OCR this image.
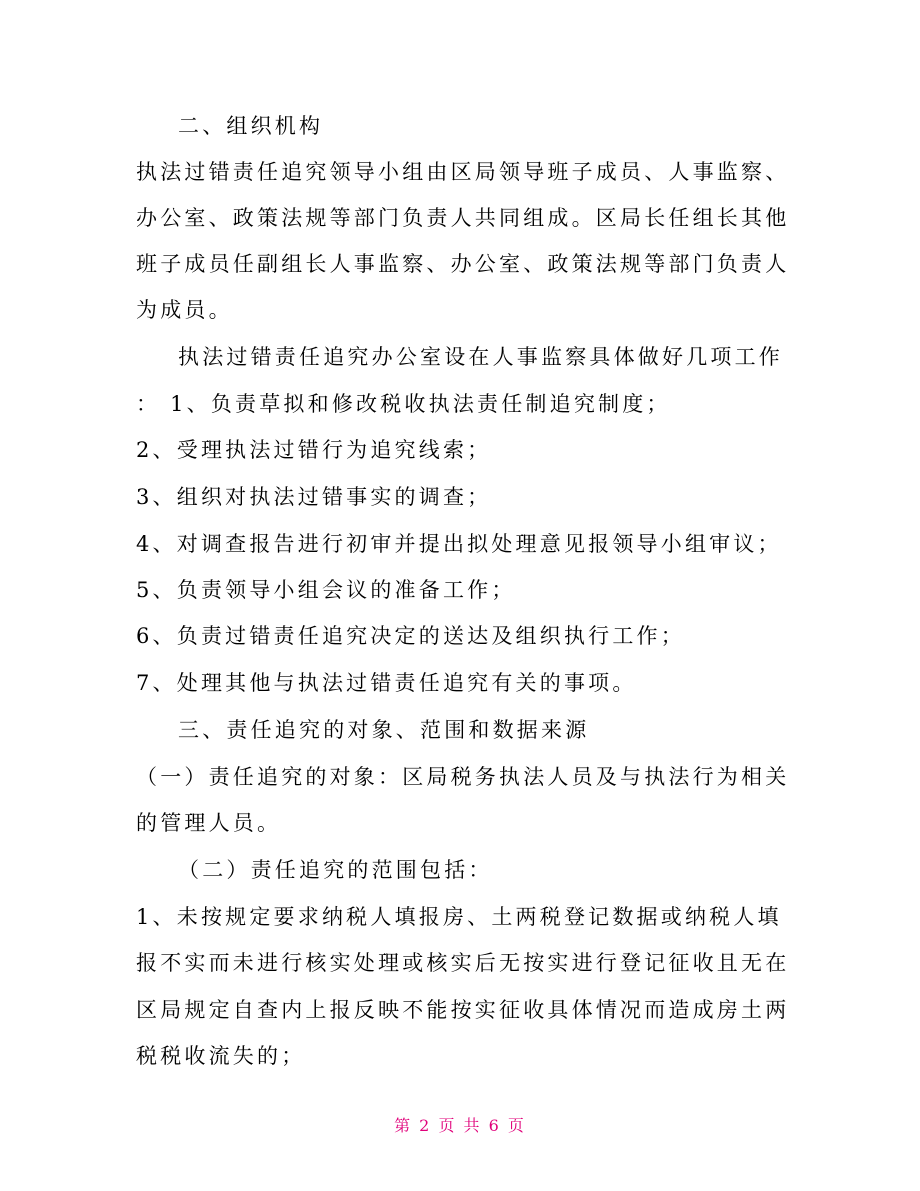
二、组织机构
执法过错责任追究领导小组由区局领导班子成员、人事监察、
办公室、政策法规等部门负责人共同组成。区局长任组长其他
班子成员任副组长人事监察、办公室、政策法规等部门负责人
为成员。
执法过错责任追究办公室设在人事监察具体做好几项工作
： 1、负责草拟和修改税收执法责任制追究制度；
2、受理执法过错行为追究线索；
3、组织对执法过错事实的调查；
4、对调查报告进行初审并提出拟处理意见报领导小组审议；
5、负责领导小组会议的准备工作；
6、负责过错责任追究决定的送达及组织执行工作；
7、处理其他与执法过错责任追究有关的事项。
三、责任追究的对象、范围和数据来源
（一）责任追究的对象：区局税务执法人员及与执法行为相关
的管理人员。
（二）责任追究的范围包括：
1、未按规定要求纳税人填报房、土两税登记数据或纳税人填
报不实而未进行核实处理或核实后无按实进行登记征收且无在
区局规定自查内上报反映不能按实征收具体情况而造成房土两
税税收流失的；
第 2 页 共 6 页
